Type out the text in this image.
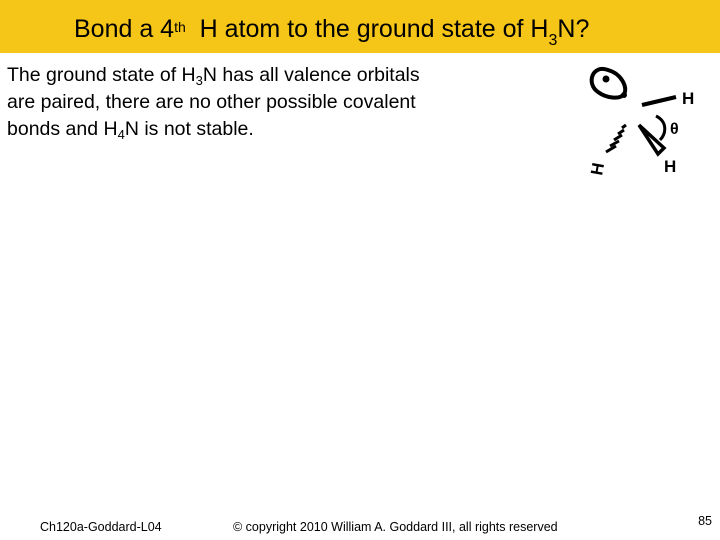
Bond a 4th  H atom to the ground state of $H_3N$?
The ground state of $H_3N$ has all valence orbitals
are paired, there are no other possible covalent
bonds and $H_4N$ is not stable.
H
θ
H
H
Ch120a-Goddard-L04	© copyright 2010 William A. Goddard III, all rights reserved	85
